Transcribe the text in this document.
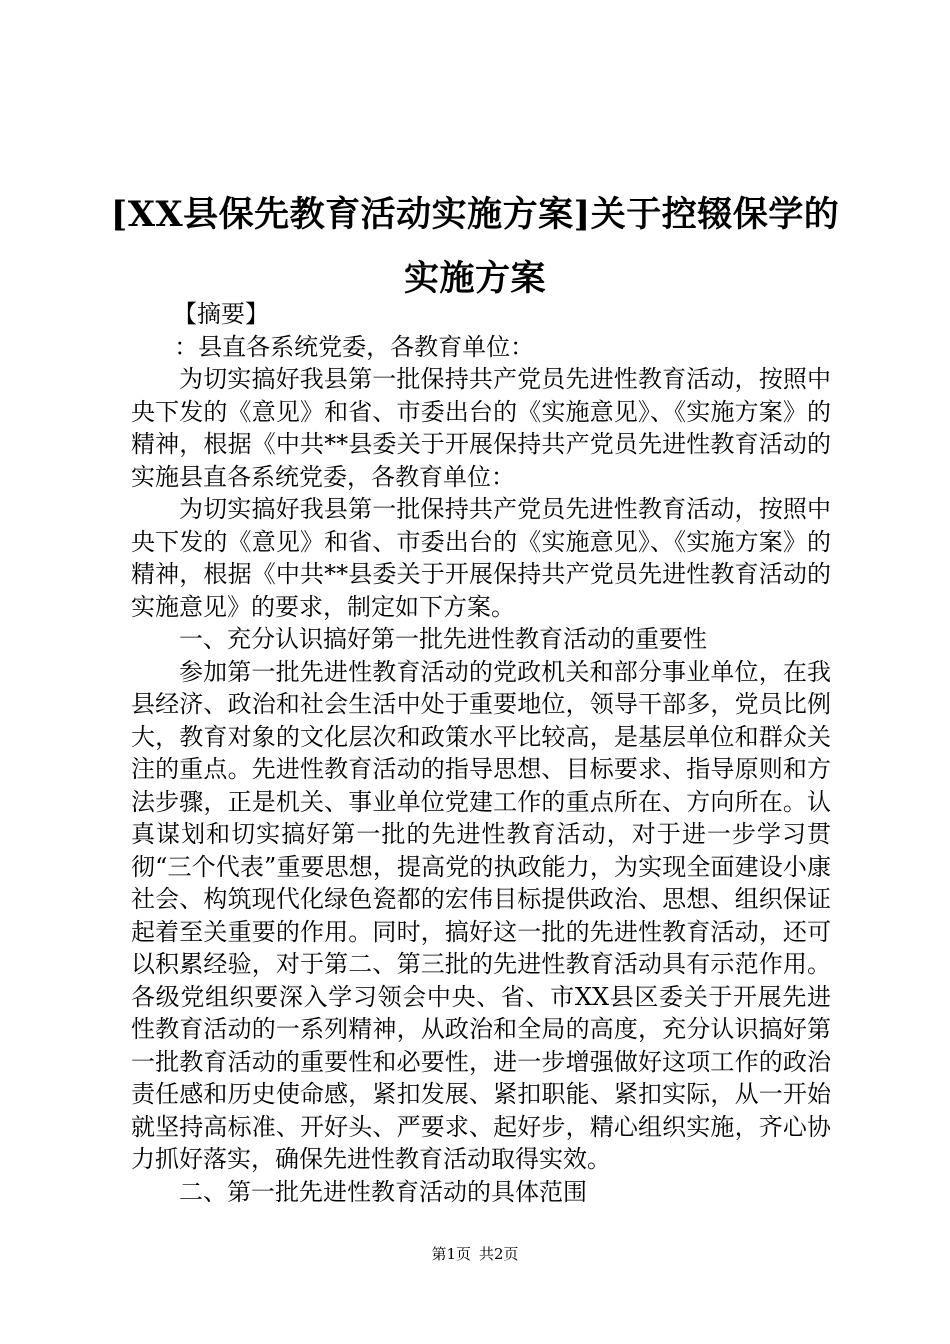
[XX县保先教育活动实施方案]关于控辍保学的实施方案

【摘要】

：县直各系统党委，各教育单位：

为切实搞好我县第一批保持共产党员先进性教育活动，按照中央下发的《意见》和省、市委出台的《实施意见》、《实施方案》的精神，根据《中共**县委关于开展保持共产党员先进性教育活动的实施县直各系统党委，各教育单位：

为切实搞好我县第一批保持共产党员先进性教育活动，按照中央下发的《意见》和省、市委出台的《实施意见》、《实施方案》的精神，根据《中共**县委关于开展保持共产党员先进性教育活动的实施意见》的要求，制定如下方案。

一、充分认识搞好第一批先进性教育活动的重要性

参加第一批先进性教育活动的党政机关和部分事业单位，在我县经济、政治和社会生活中处于重要地位，领导干部多，党员比例大，教育对象的文化层次和政策水平比较高，是基层单位和群众关注的重点。先进性教育活动的指导思想、目标要求、指导原则和方法步骤，正是机关、事业单位党建工作的重点所在、方向所在。认真谋划和切实搞好第一批的先进性教育活动，对于进一步学习贯彻“三个代表”重要思想，提高党的执政能力，为实现全面建设小康社会、构筑现代化绿色瓷都的宏伟目标提供政治、思想、组织保证起着至关重要的作用。同时，搞好这一批的先进性教育活动，还可以积累经验，对于第二、第三批的先进性教育活动具有示范作用。各级党组织要深入学习领会中央、省、市XX县区委关于开展先进性教育活动的一系列精神，从政治和全局的高度，充分认识搞好第一批教育活动的重要性和必要性，进一步增强做好这项工作的政治责任感和历史使命感，紧扣发展、紧扣职能、紧扣实际，从一开始就坚持高标准、开好头、严要求、起好步，精心组织实施，齐心协力抓好落实，确保先进性教育活动取得实效。

二、第一批先进性教育活动的具体范围

第1页 共2页
